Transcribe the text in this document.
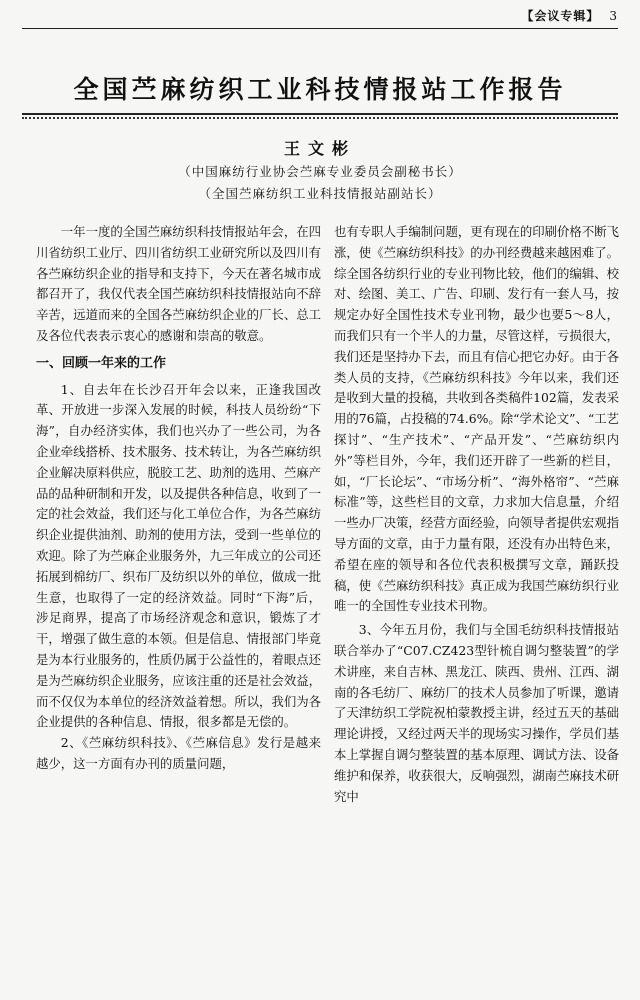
【会议专辑】 3
全国苎麻纺织工业科技情报站工作报告
王文彬
（中国麻纺行业协会苎麻专业委员会副秘书长）
（全国苎麻纺织工业科技情报站副站长）

一年一度的全国苎麻纺织科技情报站年会，在四川省纺织工业厅、四川省纺织工业研究所以及四川有各苎麻纺织企业的指导和支持下，今天在著名城市成都召开了，我仅代表全国苎麻纺织科技情报站向不辞辛苦，远道而来的全国各苎麻纺织企业的厂长、总工及各位代表表示衷心的感谢和崇高的敬意。

一、回顾一年来的工作

1、自去年在长沙召开年会以来，正逢我国改革、开放进一步深入发展的时候，科技人员纷纷“下海”，自办经济实体，我们也兴办了一些公司，为各企业牵线搭桥、技术服务、技术转让，为各苎麻纺织企业解决原料供应，脱胶工艺、助剂的选用、苎麻产品的品种研制和开发，以及提供各种信息，收到了一定的社会效益，我们还与化工单位合作，为各苎麻纺织企业提供油剂、助剂的使用方法，受到一些单位的欢迎。除了为苎麻企业服务外，九三年成立的公司还拓展到棉纺厂、织布厂及纺织以外的单位，做成一批生意，也取得了一定的经济效益。同时“下海”后，涉足商界，提高了市场经济观念和意识，锻炼了才干，增强了做生意的本领。但是信息、情报部门毕竟是为本行业服务的，性质仍属于公益性的，着眼点还是为苎麻纺织企业服务，应该注重的还是社会效益，而不仅仅为本单位的经济效益着想。所以，我们为各企业提供的各种信息、情报，很多都是无偿的。

2、《苎麻纺织科技》、《苎麻信息》发行是越来越少，这一方面有办刊的质量问题，

也有专职人手编制问题，更有现在的印刷价格不断飞涨，使《苎麻纺织科技》的办刊经费越来越困难了。综全国各纺织行业的专业刊物比较，他们的编辑、校对、绘图、美工、广告、印刷、发行有一套人马，按规定办好全国性技术专业刊物，最少也要5～8人，而我们只有一个半人的力量，尽管这样，亏损很大，我们还是坚持办下去，而且有信心把它办好。由于各类人员的支持，《苎麻纺织科技》今年以来，我们还是收到大量的投稿，共收到各类稿件102篇，发表采用的76篇，占投稿的74.6%。除“学术论文”、“工艺探讨”、“生产技术”、“产品开发”、“苎麻纺织内外”等栏目外，今年，我们还开辟了一些新的栏目，如，“厂长论坛”、“市场分析”、“海外格帘”、“苎麻标准”等，这些栏目的文章，力求加大信息量，介绍一些办厂决策，经营方面经验，向领导者提供宏观指导方面的文章，由于力量有限，还没有办出特色来，希望在座的领导和各位代表积极撰写文章，踊跃投稿，使《苎麻纺织科技》真正成为我国苎麻纺织行业唯一的全国性专业技术刊物。

3、今年五月份，我们与全国毛纺织科技情报站联合举办了“C07.CZ423型针梳自调匀整装置”的学术讲座，来自吉林、黑龙江、陕西、贵州、江西、湖南的各毛纺厂、麻纺厂的技术人员参加了听课，邀请了天津纺织工学院祝柏蒙教授主讲，经过五天的基础理论讲授，又经过两天半的现场实习操作，学员们基本上掌握自调匀整装置的基本原理、调试方法、设备维护和保养，收获很大，反响强烈，湖南苎麻技术研究中
